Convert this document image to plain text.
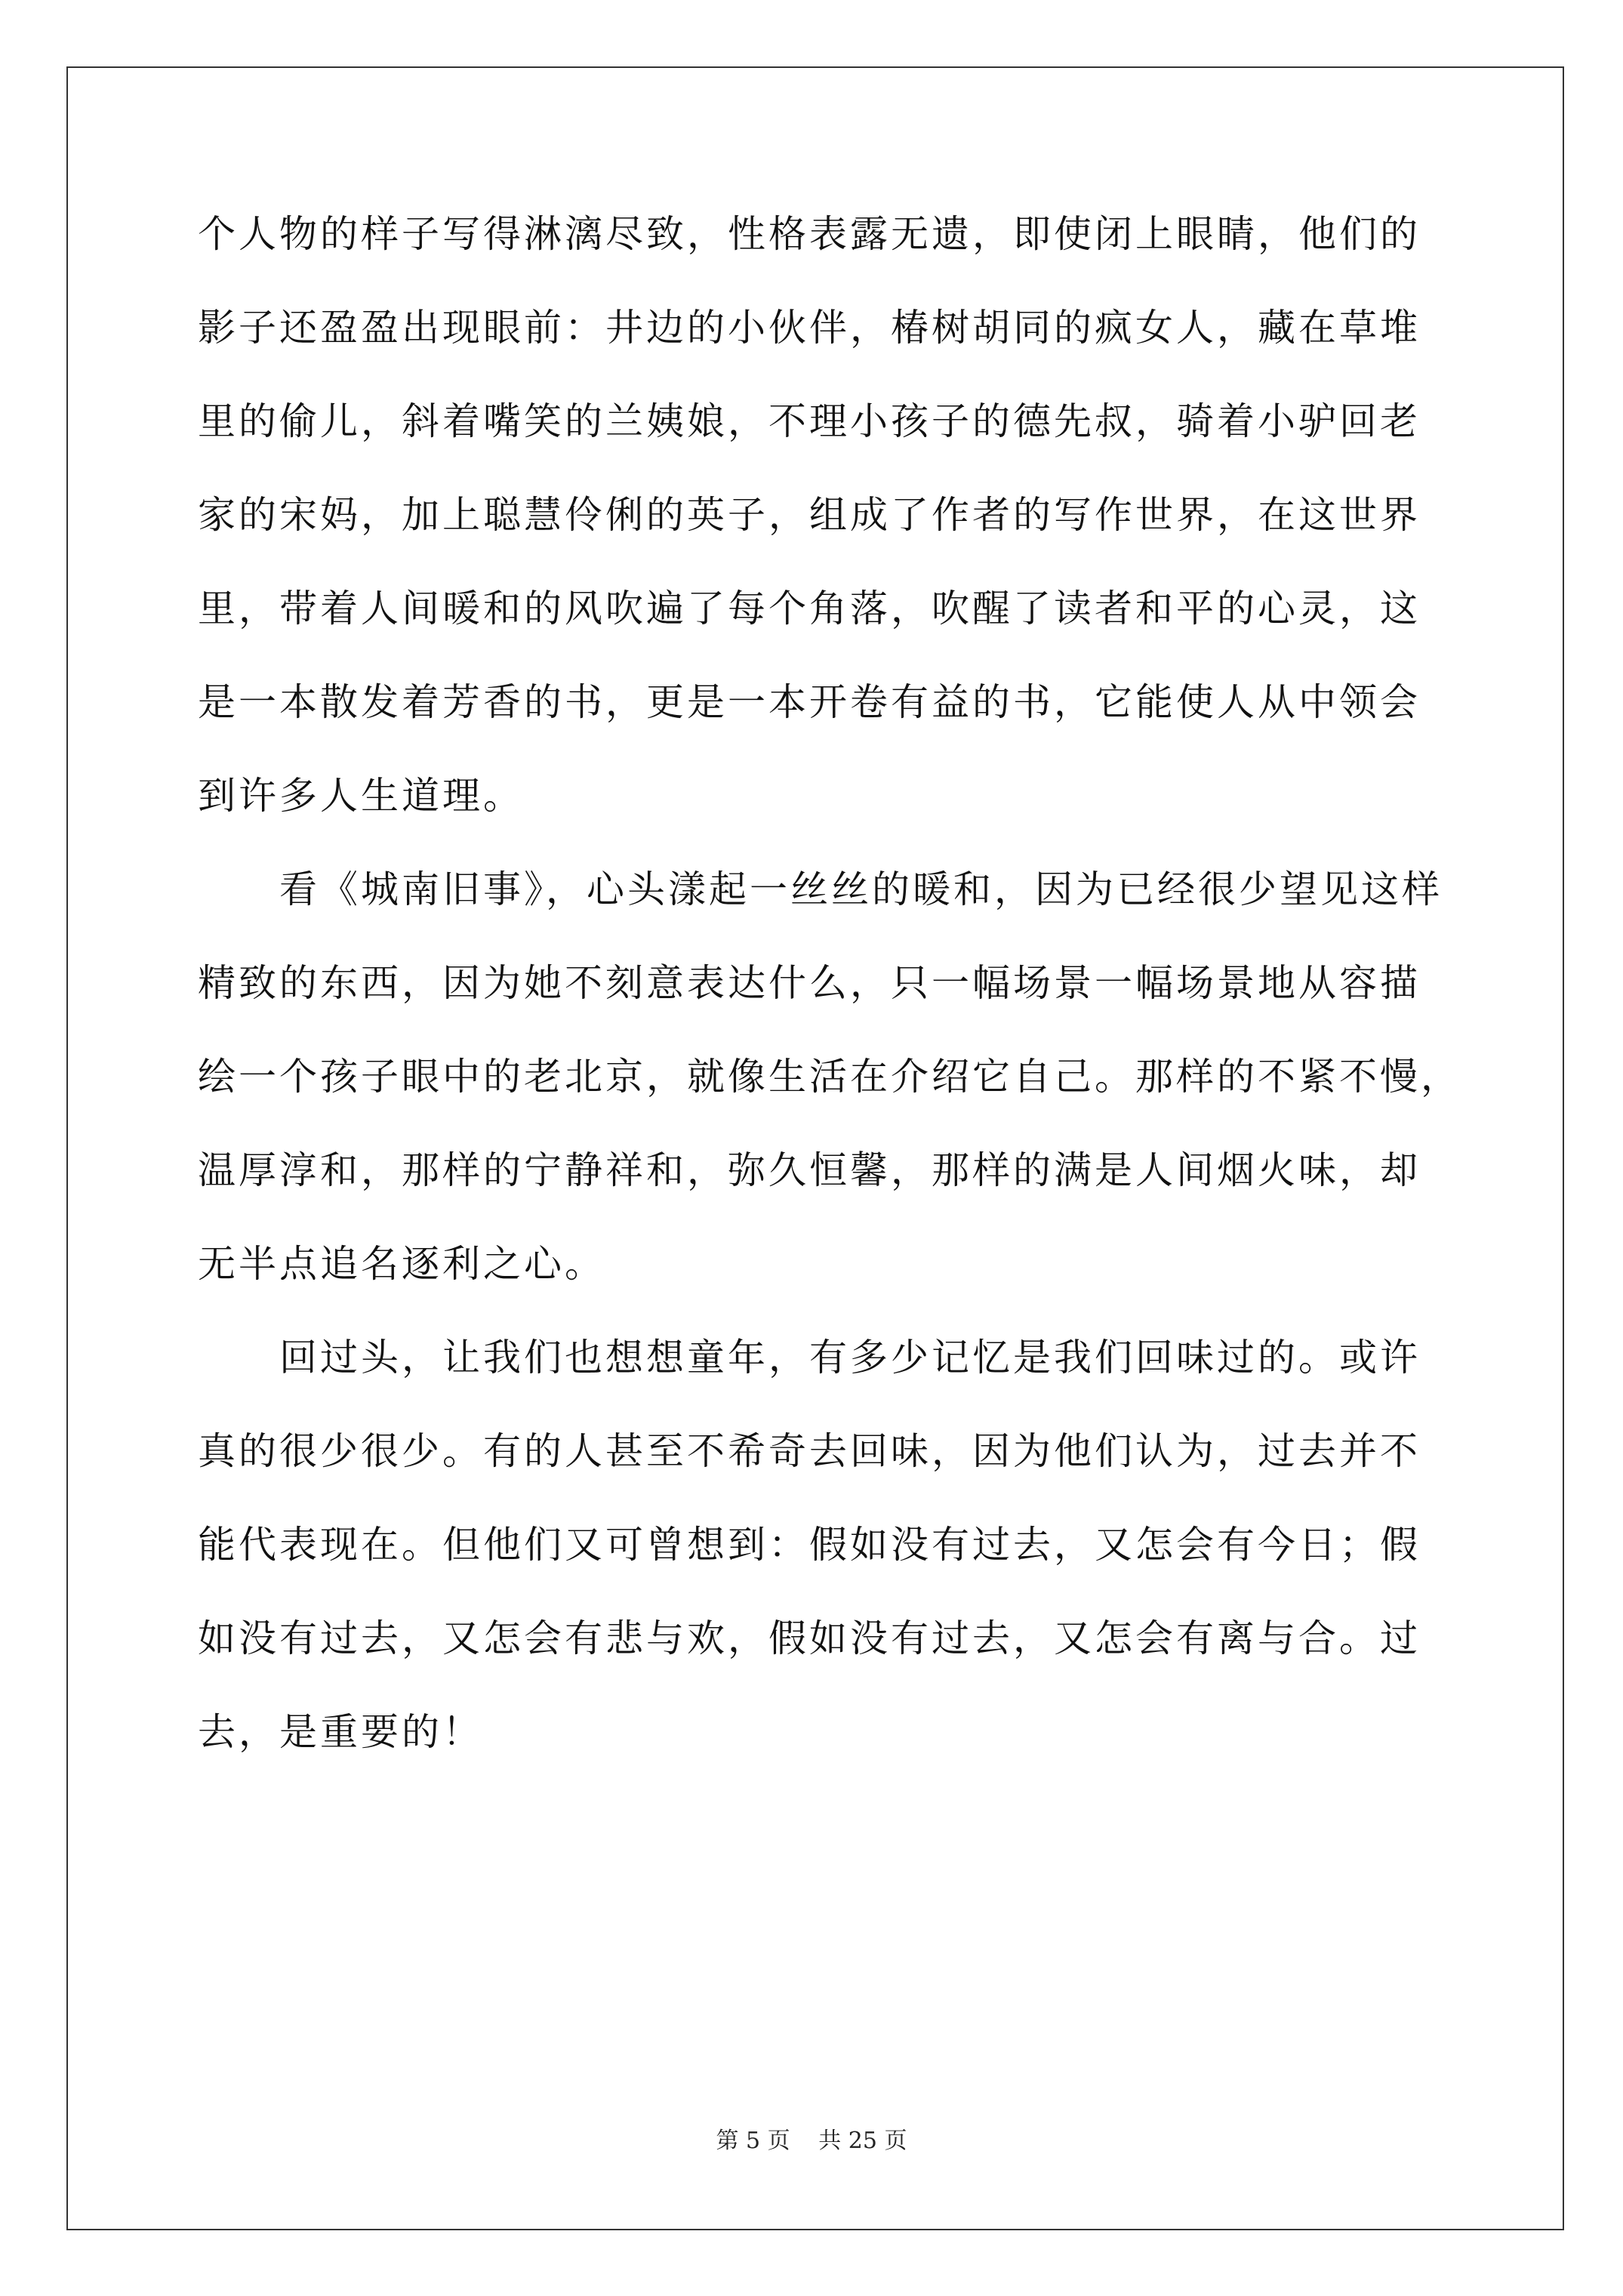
个人物的样子写得淋漓尽致，性格表露无遗，即使闭上眼睛，他们的
影子还盈盈出现眼前：井边的小伙伴，椿树胡同的疯女人，藏在草堆
里的偷儿，斜着嘴笑的兰姨娘，不理小孩子的德先叔，骑着小驴回老
家的宋妈，加上聪慧伶俐的英子，组成了作者的写作世界，在这世界
里，带着人间暖和的风吹遍了每个角落，吹醒了读者和平的心灵，这
是一本散发着芳香的书，更是一本开卷有益的书，它能使人从中领会
到许多人生道理。
看《城南旧事》，心头漾起一丝丝的暖和，因为已经很少望见这样
精致的东西，因为她不刻意表达什么，只一幅场景一幅场景地从容描
绘一个孩子眼中的老北京，就像生活在介绍它自己。那样的不紧不慢，
温厚淳和，那样的宁静祥和，弥久恒馨，那样的满是人间烟火味，却
无半点追名逐利之心。
回过头，让我们也想想童年，有多少记忆是我们回味过的。或许
真的很少很少。有的人甚至不希奇去回味，因为他们认为，过去并不
能代表现在。但他们又可曾想到：假如没有过去，又怎会有今日；假
如没有过去，又怎会有悲与欢，假如没有过去，又怎会有离与合。过
去，是重要的！
第 5 页 共 25 页
